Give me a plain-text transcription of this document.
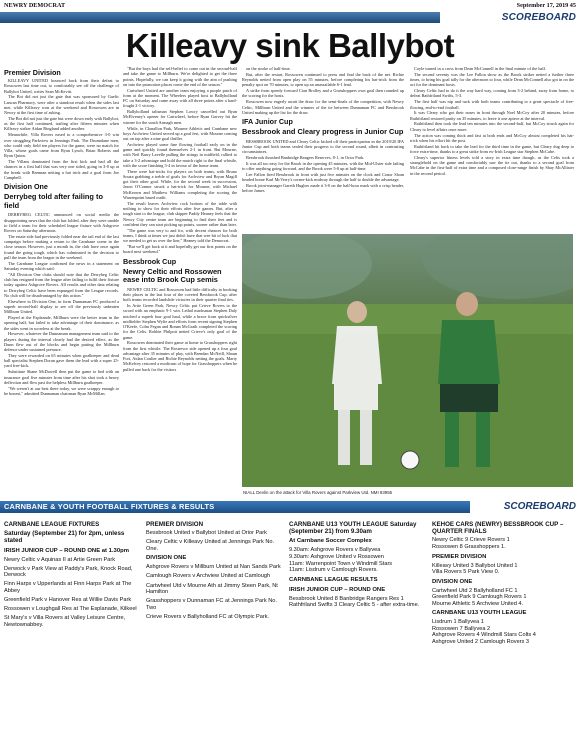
NEWRY DEMOCRAT	September 17, 2019 45
SCOREBOARD
Killeavy sink Ballybot
Premier Division

KILLEAVY UNITED bounced back from their defeat to Rossowen last time out, to comfortably see off the challenge of Ballybot United, writes Sean McKevitt.

The Bot did not just the gate that was sponsored by Gaelic Lancan Pharmacy, were after a standout result when the sides last met, while Killeavy won at the weekend and Rossowen are in Newry at the first time of asking.

The Bot did not just the gate but were down early with Ballybot, as the first half continued, trailing after fifteen minutes when Killeavy striker Aidan Ringland added another.

Meanwhile, Villa Rovers eased to a comprehensive 3-0 win over struggling Parkview in Jennings Park. The Drumalane men, who could only field ten players for the game, were no match for Villa, whose goals came from Ryan Lynch, Brian Roberts and Ryan Quinn.

The Villans dominated from the first kick and had all the chances in a first half that was very one sided, going in 3-0 up at the break with Brennan netting a hat trick and a goal from Joe Campbell.

Division One
Derrybeg told after failing to field

DERRYBEG CELTIC announced on social media the disappointing news that the club has folded, after they were unable to field a team for their scheduled league fixture with Ashgrove Rovers on Saturday afternoon.

The estate side had previously folded near the tail end of the last campaign before making a return to the Carnbane scene in the close season. However, just a month in, the club have once again found the going tough, which has culminated in the decision to pull the team from the league in the weekend.

The Carnbane League confirmed the news in a statement on Saturday evening which said:

"All Division One clubs should note that the Derrybeg Celtic club has resigned from the league after failing to fulfil their fixture today against Ashgrove Rovers. All results and other data relating to Derrybeg Celtic have been expunged from the League records. No club will be disadvantaged by this action."

Elsewhere in Division One, in form Dunnaman FC produced a superb second-half display to see off the previously unbeaten Millburn United.

Played at the Esplanade, Millburn were the better team in the opening half, but failed to take advantage of their dominance, as the sides went in scoreless at the break.

However, whatever the Dunnaman management team said to the players during the interval clearly had the desired effect, as the Dunn flew out of the blocks and begin putting the Millburn defence under sustained pressure.

They were rewarded on 65 minutes when goalkeeper and dead ball specialist Stephen Doran gave them the lead with a super 25-yard free-kick.

Substitute Shane McDowell then put the game to bed with an insurance goal five minutes from time after his shot took a heavy deflection and flew past the helpless Millburn goalkeeper.

"We weren't at our best there today, we were scrappy enough to be honest," admitted Dunnaman chairman Ryan McMillan.

"But the boys had the self-belief to come out in the second-half and take the game to Millburn. We're delighted to get the three points. Hopefully, we can keep it going with the aim of pushing on into the promotion places come the end of the season."

Cartwheel United are another team enjoying a purple patch of form at the moment. The Wheelers played host to Ballyholland FC on Saturday and came away with all three points after a hard-fought 2-1 victory.

Ballyholland talisman Stephen Lowry cancelled out Ryan McElveney's opener for Cartwheel, before Ryan Garvey hit the winner for the south Armagh men.

While, in Clonallon Park, Mourne Athletic and Carnbane new boys Archview United served up a goal fest, with Mourne coming out on top after a nine goal thriller.

Archview played some fine flowing football early on in the game and quickly found themselves 2-1 in front. But Mourne, with Neil Barry Lavelle pulling the strings in midfield, rallied to take a 3-2 advantage and hold the match right to the final whistle, with the score finishing 5-4 in favour of the home team.

There were hat-tricks for players on both teams, with Bruno Souza grabbing a treble of goals for Archview and Bryan Magill got their other goal. While, for the second week in succession, Jason O'Connor struck a hat-trick for Mourne, with Michael McKeown and Matthew Williams completing the scoring the Warrenpoint based outfit.

The result leaves Archview rock bottom of the table with nothing to show for their efforts after five games. But, after a tough start to the league, club skipper Paddy Heaney feels that the Newry City centre team are beginning to find their feet and is confident they can start picking up points, sooner rather than later.

"The game was very to and fro, with decent chances for both teams, I think at times we just didn't have that wee bit of luck that we needed to get us over the line," Heaney told the Democrat.

"But we'll get back at it and hopefully get our first points on the board next weekend."

Bessbrook Cup
Newry Celtic and Rossowen ease into Brook Cup semis

NEWRY CELTIC and Rossowen had little difficulty in booking their places in the last four of the coveted Bessbrook Cup, after both teams recorded landslide victories in their quarter final ties.

In Artie Green Park, Newry Celtic put Crieve Rovers to the sword with an emphatic 9-1 win. Lethal marksman Stephen Daly notched a superb four goal haul, while a brace from quicksilver midfielder Stephen Wylie and efforts from recent signing Stephen O'Keefe, Colm Fegan and Ronan McGrath completed the scoring for the Celts. Robbie Philpott netted Crieve's only goal of the game.

Rossowen dominated their game at home to Grasshoppers right from the first whistle. The Rostrevor side opened up a four goal advantage after 35 minutes of play, with Brendan McNeill, Shaun Fort, Aidan Coulter and Richie Reynolds netting the goals. Marty McKelvey restored a modicum of hope for Grasshoppers when he pulled one back for the visitors

on the stroke of half-time.

But, after the restart, Rossowen continued to press and find the back of the net. Richie Reynolds netted from open play on 55 minutes, before completing his hat-trick from the penalty spot on 70 minutes, to open up an unassailable 6-1 lead.

A strike from speedy forward Cian Brolley and a Grasshoppers own goal then rounded up the scoring for the hosts.

Rossowen now eagerly await the draw for the semi-finals of the competition, with Newry Celtic, Millburn United and the winners of the tie between Dunnaman FC and Bessbrook United making up the list for the draw.

IFA Junior Cup
Bessbrook and Cleary progress in Junior Cup

BESSBROOK UNITED and Cleary Celtic kicked off their participation in the 2019/20 IFA Junior Cup and both teams sealed their progress to the second round, albeit in contrasting circumstances.

Bessbrook thrashed Banbridge Rangers Reserves, 8-1, in Orior Park.

It was all too easy for the Brook in the opening 45 minutes, with the Mid-Ulster side failing to offer anything going forward, and the Brook were 5-0 up at half-time.

Lee Fallon fired Bessbrook in front with just five minutes on the clock and Conor Sloan headed home Karl McVerry's corner-kick midway through the half to double the advantage.

Brook joint-manager Gareth Hughes made it 3-0 on the half-hour mark with a crisp header, before James

Coyle turned in a cross from Dean McConnell in the final minute of the half.

The second seventy was the Lee Fallon show as the Brook striker netted a further three times, to bring his goal tally for the afternoon to four, while Dean McConnell also got in on the act for the dominant hosts.

Cleary Celtic had to do it the way hard way, coming from 3-2 behind, away from home, to defeat Rathfriland Swifts, 5-3.

The first half was nip and tuck with both teams contributing to a great spectacle of free-flowing, end-to-end football.

It was Cleary who got their noses in front through Noel McCoy after 20 minutes, before Rathfriland restored parity on 35 minutes, to leave it one apiece at the interval.

Rathfriland then took the lead ten minutes into the second-half, but McCoy struck again for Cleary to level affairs once more.

The action was coming thick and fast at both ends and McCoy almost completed his hat-trick when his effort hit the post.

Rathfriland hit back to take the lead for the third time in the game, but Cleary dug deep to force extra-time, thanks to a great strike from ex-Irish League star Stephen McCabe.

Cleary's superior fitness levels told a story in extra time though, as the Celts took a stranglehold on the game and comfortably saw the tie out, thanks to a second goal from McCabe in the first-half of extra time and a composed close-range finish by Shay McAllister in the second period.

NIALL Devlin on the attack for Villa Rovers against Parkview Utd. NMI 93955
CARNBANE & YOUTH FOOTBALL FIXTURES & RESULTS	SCOREBOARD
CARNBANE LEAGUE FIXTURES
Saturday (September 21) for 2pm, unless stated
IRISH JUNIOR CUP – ROUND ONE at 1.30pm
Newry Celtic v Aquinas II at Artie Green Park
Derwock v Park View at Paddy's Park, Knock Road, Derwock
Finn Harps v Upperlands at Finn Harps Park at The Abbey
Greenfield Park v Hanover Res at Willie Davis Park
Rossowen v Loughgall Res at The Esplanade, Kilkeel
St Mary's v Villa Rovers at Valley Leisure Centre, Newtownabbey.
PREMIER DIVISION
Bessbrook United v Ballybot United at Orior Park
Cleary Celtic v Killeavy United at Jennings Park No. One.
DIVISION ONE
Ashgrove Rovers v Millburn United at Nan Sands Park
Camlough Rovers v Archview United at Camlough
Cartwheel Utd v Mourne Ath at Jimmy Steen Park, Nt Hamilton
Grasshoppers v Dunnaman FC at Jennings Park No. Two
Crieve Rovers v Ballyholland FC at Olympic Park.
CARNBANE U13 YOUTH LEAGUE Saturday (September 21) from 9.30am
At Carnbane Soccer Complex
9.30am: Ashgrove Rovers v Ballyvea
9.30am: Ashgrove United v Rossowen
11am: Warrenpoint Town v Windmill Stars
11am: Lisdrum v Camlough Rovers.
CARNBANE LEAGUE RESULTS
IRISH JUNIOR CUP – ROUND ONE
Bessbrook United 8 Banbridge Rangers Res 1
Rathfriland Swifts 3 Cleary Celtic 5 - after extra-time.
KEHOE CARS (NEWRY) BESSBROOK CUP – QUARTER FINALS
Newry Celtic 9 Crieve Rovers 1
Rossowen 8 Grasshoppers 1.
PREMIER DIVISION
Killeavy United 3 Ballybot United 1
Villa Rovers 5 Park View 0.
DIVISION ONE
Cartwheel Utd 2 Ballyholland FC 1
Greenfield Park 9 Camlough Rovers 1
Mourne Athletic 5 Archview United 4.
CARNBANE U13 YOUTH LEAGUE
Lisdrum 1 Ballyvea 1
Rossowen 7 Ballyvea 2
Ashgrove Rovers 4 Windmill Stars Colts 4
Ashgrove United 2 Camlough Rovers 3
